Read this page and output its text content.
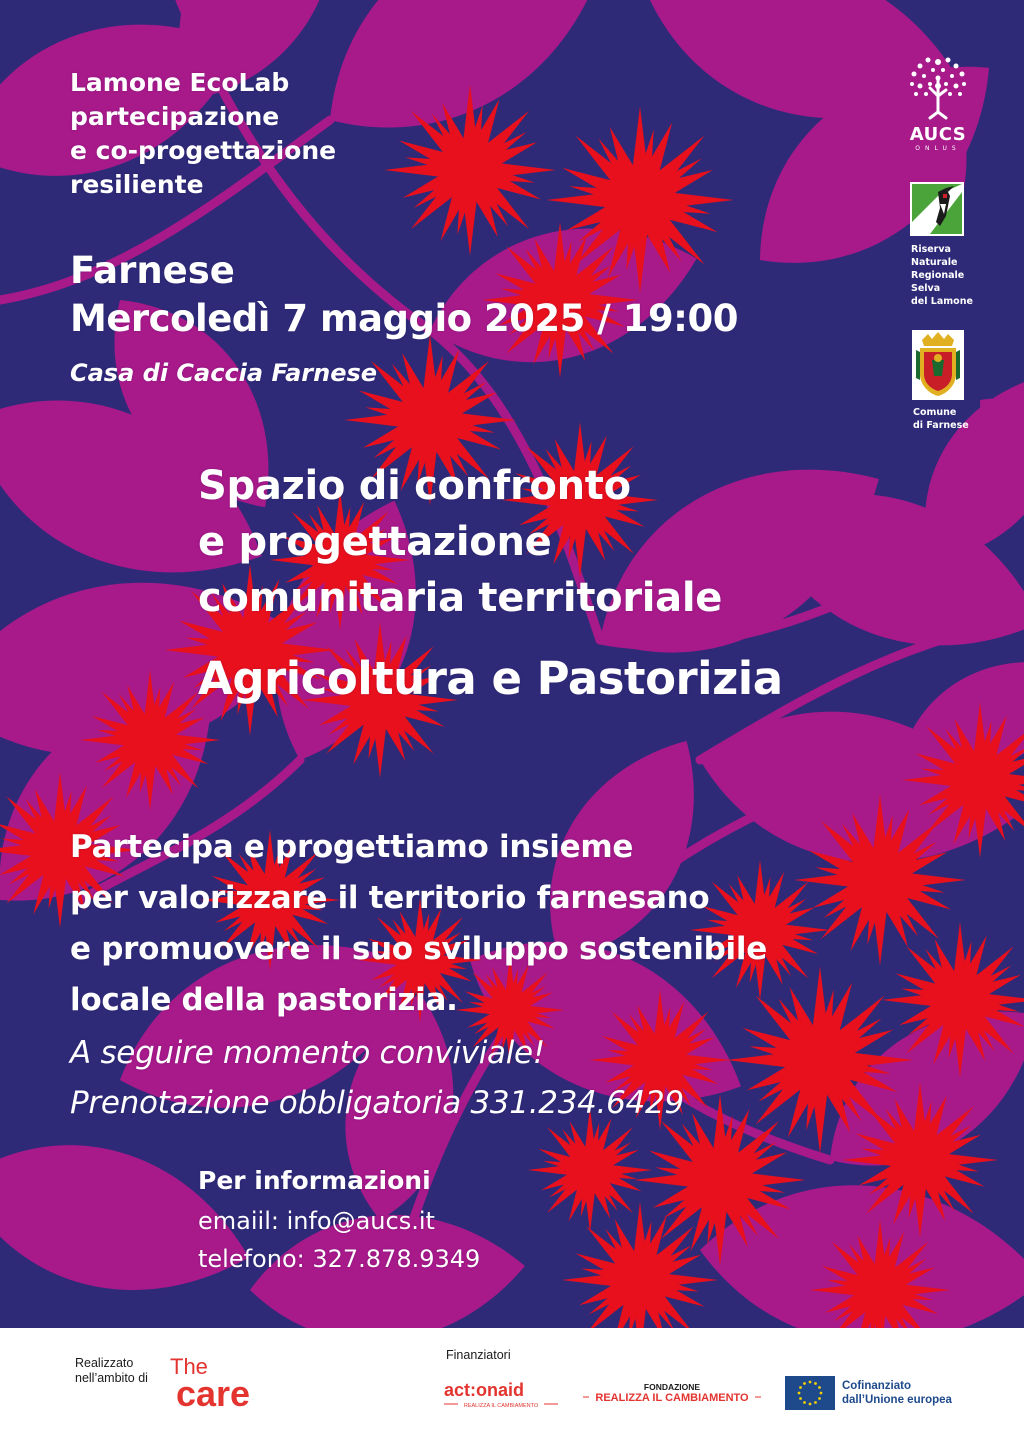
Lamone EcoLab
partecipazione
e co-progettazione
resiliente
Farnese
Mercoledì 7 maggio 2025 / 19:00
Casa di Caccia Farnese
Spazio di confronto
e progettazione
comunitaria territoriale
Agricoltura e Pastorizia
Partecipa e progettiamo insieme
per valorizzare il territorio farnesano
e promuovere il suo sviluppo sostenibile
locale della pastorizia.
A seguire momento conviviale!
Prenotazione obbligatoria 331.234.6429
Per informazioni
emaiil: info@aucs.it
telefono: 327.878.9349
AUCS
ONLUS
Riserva
Naturale
Regionale
Selva
del Lamone
Comune
di Farnese
Realizzato
nell’ambito di The
care
Finanziatori
act:onaid
REALIZZA IL CAMBIAMENTO
FONDAZIONE
REALIZZA IL CAMBIAMENTO
Cofinanziato
dall’Unione europea
